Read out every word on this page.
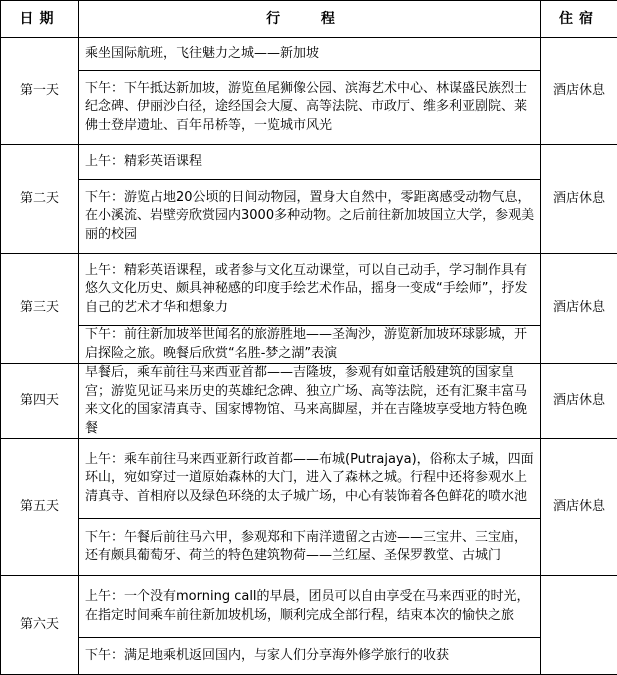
日期	行 程	住宿
第一天	乘坐国际航班，飞往魅力之城——新加坡	酒店休息
	下午：下午抵达新加坡，游览鱼尾狮像公园、滨海艺术中心、林谋盛民族烈士纪念碑、伊丽沙白径，途经国会大厦、高等法院、市政厅、维多利亚剧院、莱佛士登岸遗址、百年吊桥等，一览城市风光	
第二天	上午：精彩英语课程	酒店休息
	下午：游览占地20公顷的日间动物园，置身大自然中，零距离感受动物气息，在小溪流、岩壁旁欣赏园内3000多种动物。之后前往新加坡国立大学，参观美丽的校园	
第三天	上午：精彩英语课程，或者参与文化互动课堂，可以自己动手，学习制作具有悠久文化历史、颇具神秘感的印度手绘艺术作品，摇身一变成“手绘师”，抒发自己的艺术才华和想象力	酒店休息
	下午：前往新加坡举世闻名的旅游胜地——圣淘沙，游览新加坡环球影城，开启探险之旅。晚餐后欣赏“名胜-梦之湖”表演	
第四天	早餐后，乘车前往马来西亚首都——吉隆坡，参观有如童话般建筑的国家皇宫；游览见证马来历史的英雄纪念碑、独立广场、高等法院，还有汇聚丰富马来文化的国家清真寺、国家博物馆、马来高脚屋，并在吉隆坡享受地方特色晚餐	酒店休息
第五天	上午：乘车前往马来西亚新行政首都——布城(Putrajaya)，俗称太子城，四面环山，宛如穿过一道原始森林的大门，进入了森林之城。行程中还将参观水上清真寺、首相府以及绿色环绕的太子城广场，中心有装饰着各色鲜花的喷水池	酒店休息
	下午：午餐后前往马六甲，参观郑和下南洋遗留之古迹——三宝井、三宝庙，还有颇具葡萄牙、荷兰的特色建筑物荷——兰红屋、圣保罗教堂、古城门	
第六天	上午：一个没有morning call的早晨，团员可以自由享受在马来西亚的时光，在指定时间乘车前往新加坡机场，顺利完成全部行程，结束本次的愉快之旅	
	下午：满足地乘机返回国内，与家人们分享海外修学旅行的收获	
